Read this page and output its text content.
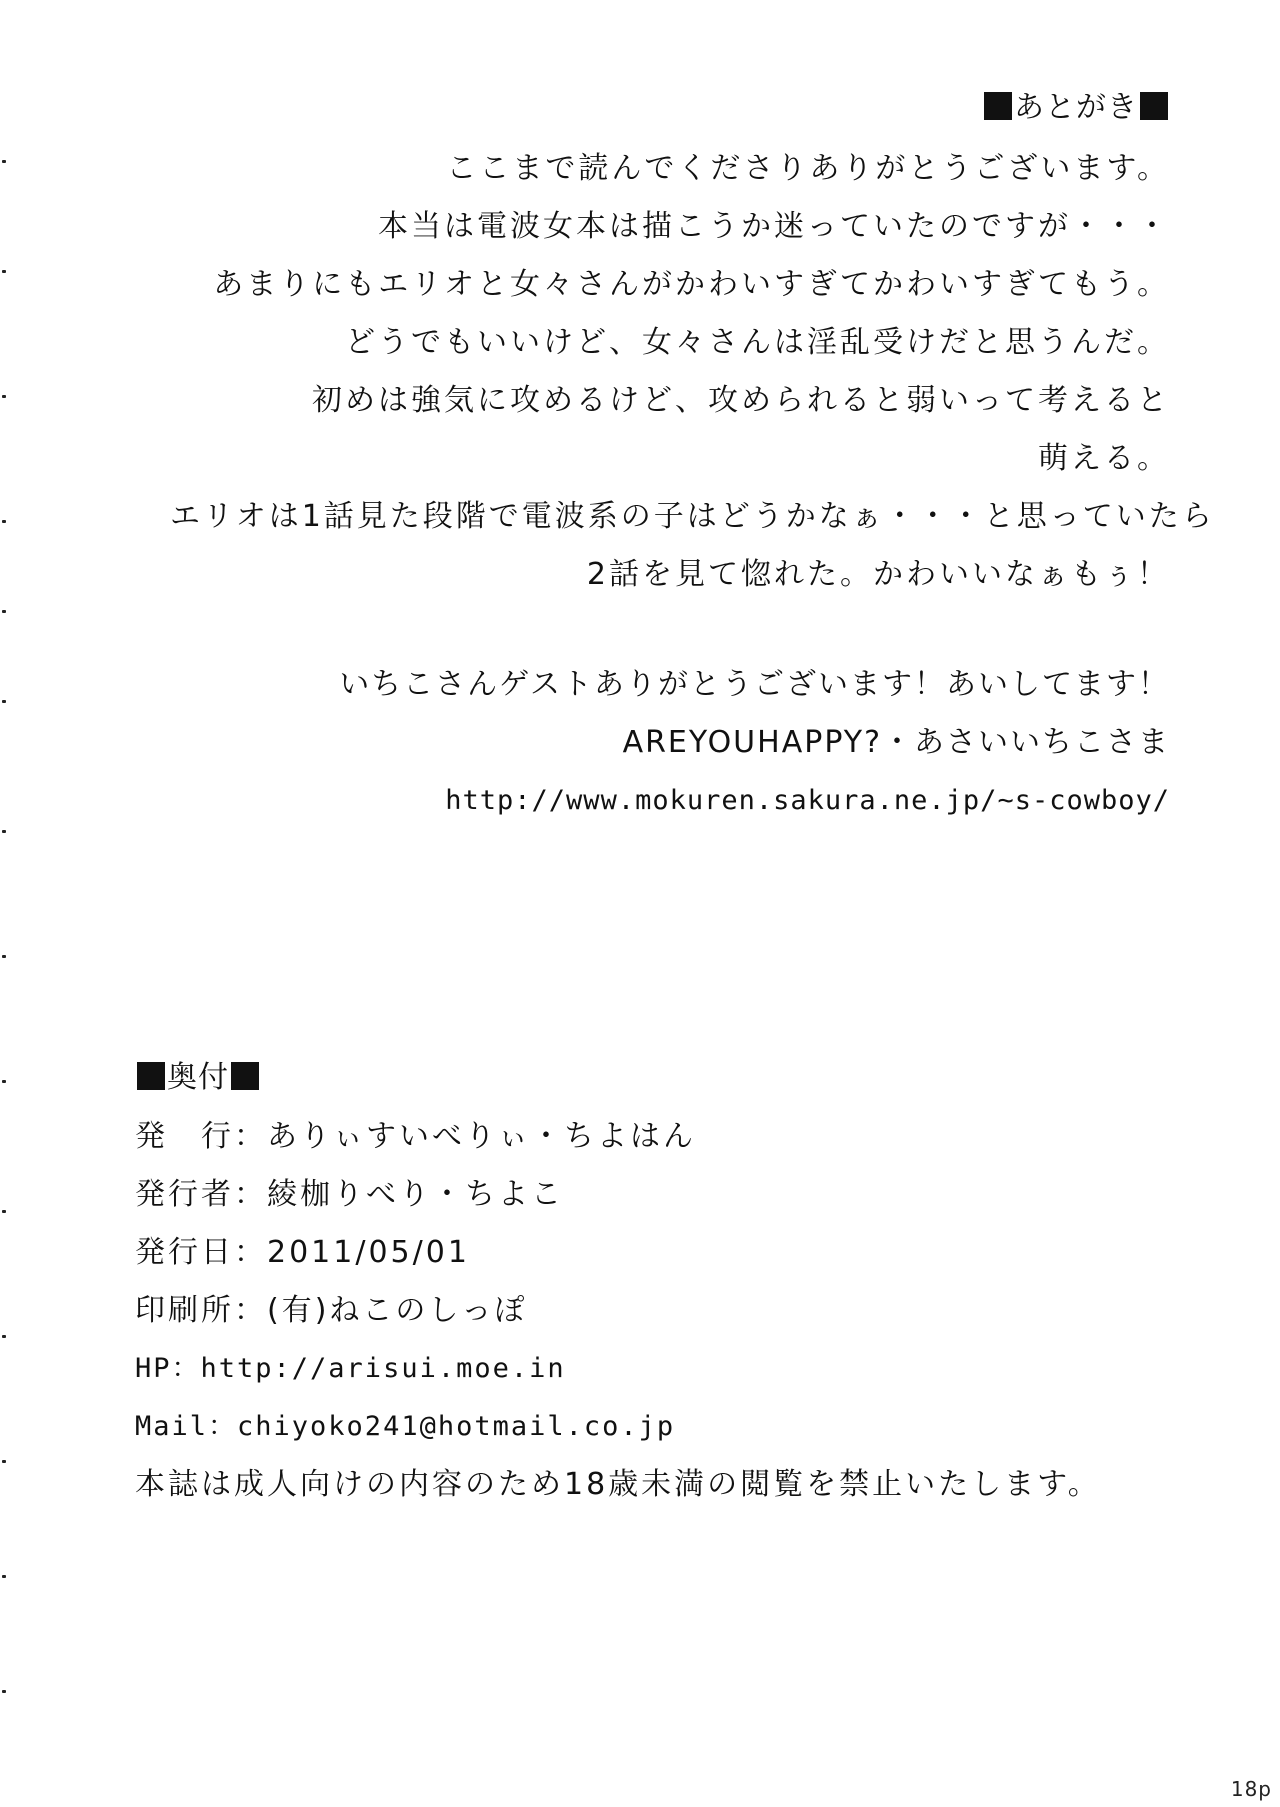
あとがき
ここまで読んでくださりありがとうございます。
本当は電波女本は描こうか迷っていたのですが・・・
あまりにもエリオと女々さんがかわいすぎてかわいすぎてもう。
どうでもいいけど、女々さんは淫乱受けだと思うんだ。
初めは強気に攻めるけど、攻められると弱いって考えると
萌える。
エリオは1話見た段階で電波系の子はどうかなぁ・・・と思っていたら
2話を見て惚れた。かわいいなぁもぅ！
いちこさんゲストありがとうございます！あいしてます！
AREYOUHAPPY?・あさいいちこさま
http://www.mokuren.sakura.ne.jp/~s-cowboy/
奥付
発　行：ありぃすいべりぃ・ちよはん
発行者：綾枷りべり・ちよこ
発行日：2011/05/01
印刷所：(有)ねこのしっぽ
HP：http://arisui.moe.in
Mail：chiyoko241@hotmail.co.jp
本誌は成人向けの内容のため18歳未満の閲覧を禁止いたします。
18p
